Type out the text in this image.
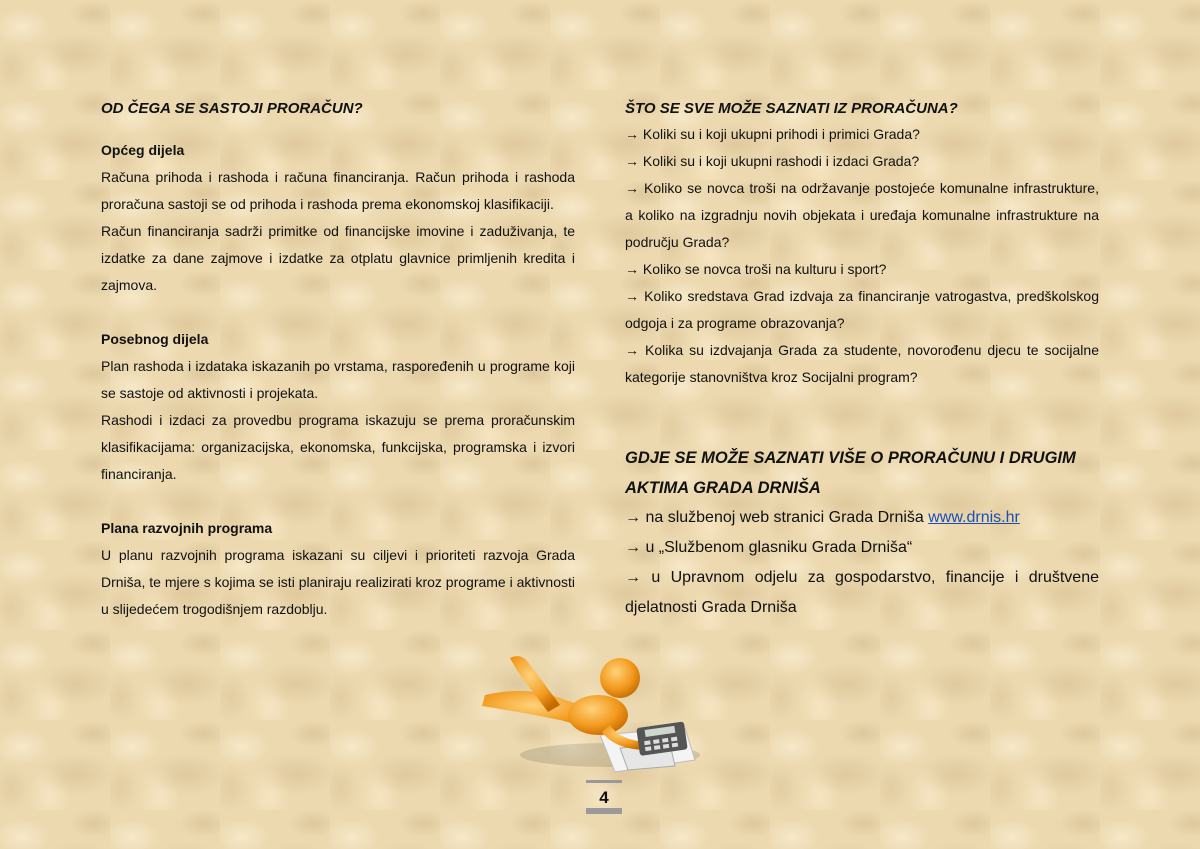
OD ČEGA SE SASTOJI PRORAČUN?

Općeg dijela

Računa prihoda i rashoda i računa financiranja. Račun prihoda i rashoda proračuna sastoji se od prihoda i rashoda prema ekonomskoj klasifikaciji.

Račun financiranja sadrži primitke od financijske imovine i zaduživanja, te izdatke za dane zajmove i izdatke za otplatu glavnice primljenih kredita i zajmova.

Posebnog dijela

Plan rashoda i izdataka iskazanih po vrstama, raspoređenih u programe koji se sastoje od aktivnosti i projekata.

Rashodi i izdaci za provedbu programa iskazuju se prema proračunskim klasifikacijama: organizacijska, ekonomska, funkcijska, programska i izvori financiranja.

Plana razvojnih programa

U planu razvojnih programa iskazani su ciljevi i prioriteti razvoja Grada Drniša, te mjere s kojima se isti planiraju realizirati kroz programe i aktivnosti u slijedećem trogodišnjem razdoblju.

ŠTO SE SVE MOŽE SAZNATI IZ PRORAČUNA?

→ Koliki su i koji ukupni prihodi i primici Grada?

→ Koliki su i koji ukupni rashodi i izdaci Grada?

→ Koliko se novca troši na održavanje postojeće komunalne infrastrukture, a koliko na izgradnju novih objekata i uređaja komunalne infrastrukture na području Grada?

→ Koliko se novca troši na kulturu i sport?

→ Koliko sredstava Grad izdvaja za financiranje vatrogastva, predškolskog odgoja i za programe obrazovanja?

→ Kolika su izdvajanja Grada za studente, novorođenu djecu te socijalne kategorije stanovništva kroz Socijalni program?

GDJE SE MOŽE SAZNATI VIŠE O PRORAČUNU I DRUGIM AKTIMA GRADA DRNIŠA

→ na službenoj web stranici Grada Drniša www.drnis.hr

→ u „Službenom glasniku Grada Drniša“

→ u Upravnom odjelu za gospodarstvo, financije i društvene djelatnosti Grada Drniša

4
